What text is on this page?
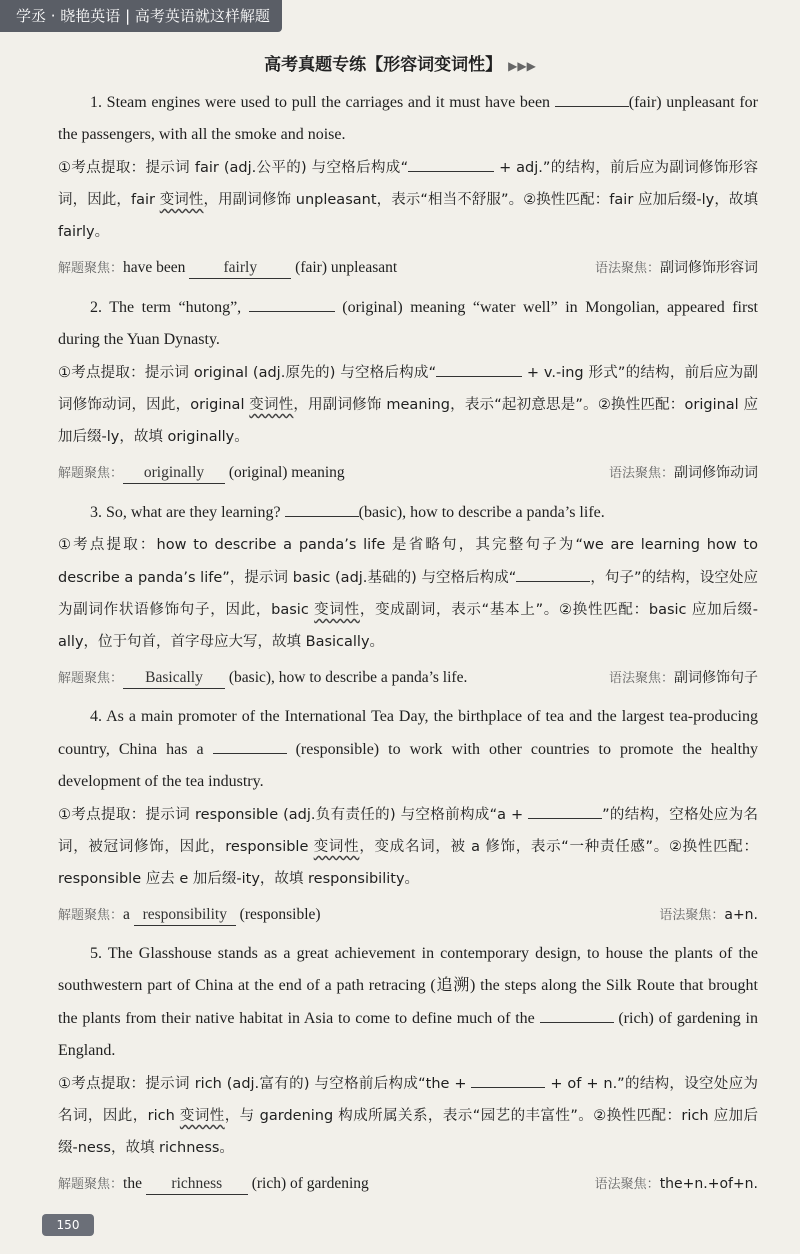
学丞 · 晓艳英语 | 高考英语就这样解题
高考真题专练【形容词变词性】 ▶▶▶

1. Steam engines were used to pull the carriages and it must have been	(fair) unpleasant for the passengers, with all the smoke and noise.

①考点提取：提示词 fair (adj.公平的) 与空格后构成“	+ adj.”的结构，前后应为副词修饰形容词，因此，fair 变词性，用副词修饰 unpleasant，表示“相当不舒服”。②换性匹配：fair 应加后缀-ly，故填 fairly。

解题聚焦：have been fairly (fair) unpleasant	语法聚焦：副词修饰形容词

2. The term “hutong”,	(original) meaning “water well” in Mongolian, appeared first during the Yuan Dynasty.

①考点提取：提示词 original (adj.原先的) 与空格后构成“	+ v.-ing 形式”的结构，前后应为副词修饰动词，因此，original 变词性，用副词修饰 meaning，表示“起初意思是”。②换性匹配：original 应加后缀-ly，故填 originally。

解题聚焦： originally (original) meaning	语法聚焦：副词修饰动词

3. So, what are they learning?	(basic), how to describe a panda’s life.

①考点提取：how to describe a panda’s life 是省略句，其完整句子为“we are learning how to describe a panda’s life”，提示词 basic (adj.基础的) 与空格后构成“	，句子”的结构，设空处应为副词作状语修饰句子，因此，basic 变词性，变成副词，表示“基本上”。②换性匹配：basic 应加后缀-ally，位于句首，首字母应大写，故填 Basically。

解题聚焦： Basically (basic), how to describe a panda’s life.	语法聚焦：副词修饰句子

4. As a main promoter of the International Tea Day, the birthplace of tea and the largest tea-producing country, China has a	(responsible) to work with other countries to promote the healthy development of the tea industry.

①考点提取：提示词 responsible (adj.负有责任的) 与空格前构成“a +	”的结构，空格处应为名词，被冠词修饰，因此，responsible 变词性，变成名词，被 a 修饰，表示“一种责任感”。②换性匹配：responsible 应去 e 加后缀-ity，故填 responsibility。

解题聚焦：a responsibility (responsible)	语法聚焦：a+n.

5. The Glasshouse stands as a great achievement in contemporary design, to house the plants of the southwestern part of China at the end of a path retracing (追溯) the steps along the Silk Route that brought the plants from their native habitat in Asia to come to define much of the	(rich) of gardening in England.

①考点提取：提示词 rich (adj.富有的) 与空格前后构成“the +	+ of + n.”的结构，设空处应为名词，因此，rich 变词性，与 gardening 构成所属关系，表示“园艺的丰富性”。②换性匹配：rich 应加后缀-ness，故填 richness。

解题聚焦：the richness (rich) of gardening	语法聚焦：the+n.+of+n.
150
